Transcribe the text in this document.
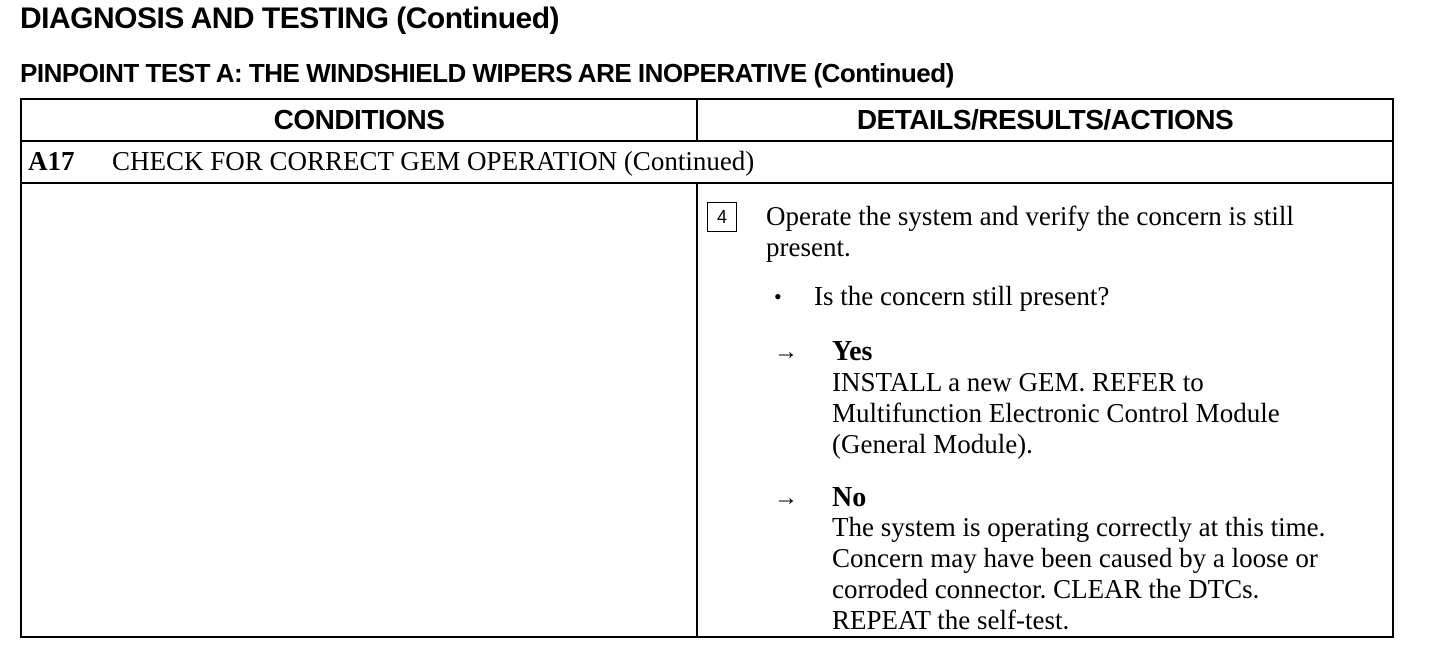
DIAGNOSIS AND TESTING (Continued)
PINPOINT TEST A: THE WINDSHIELD WIPERS ARE INOPERATIVE (Continued)
CONDITIONS	DETAILS/RESULTS/ACTIONS
A17 CHECK FOR CORRECT GEM OPERATION (Continued)
4	Operate the system and verify the concern is still present.
• Is the concern still present?
→ Yes
INSTALL a new GEM. REFER to
Multifunction Electronic Control Module
(General Module).
→ No
The system is operating correctly at this time.
Concern may have been caused by a loose or
corroded connector. CLEAR the DTCs.
REPEAT the self-test.
